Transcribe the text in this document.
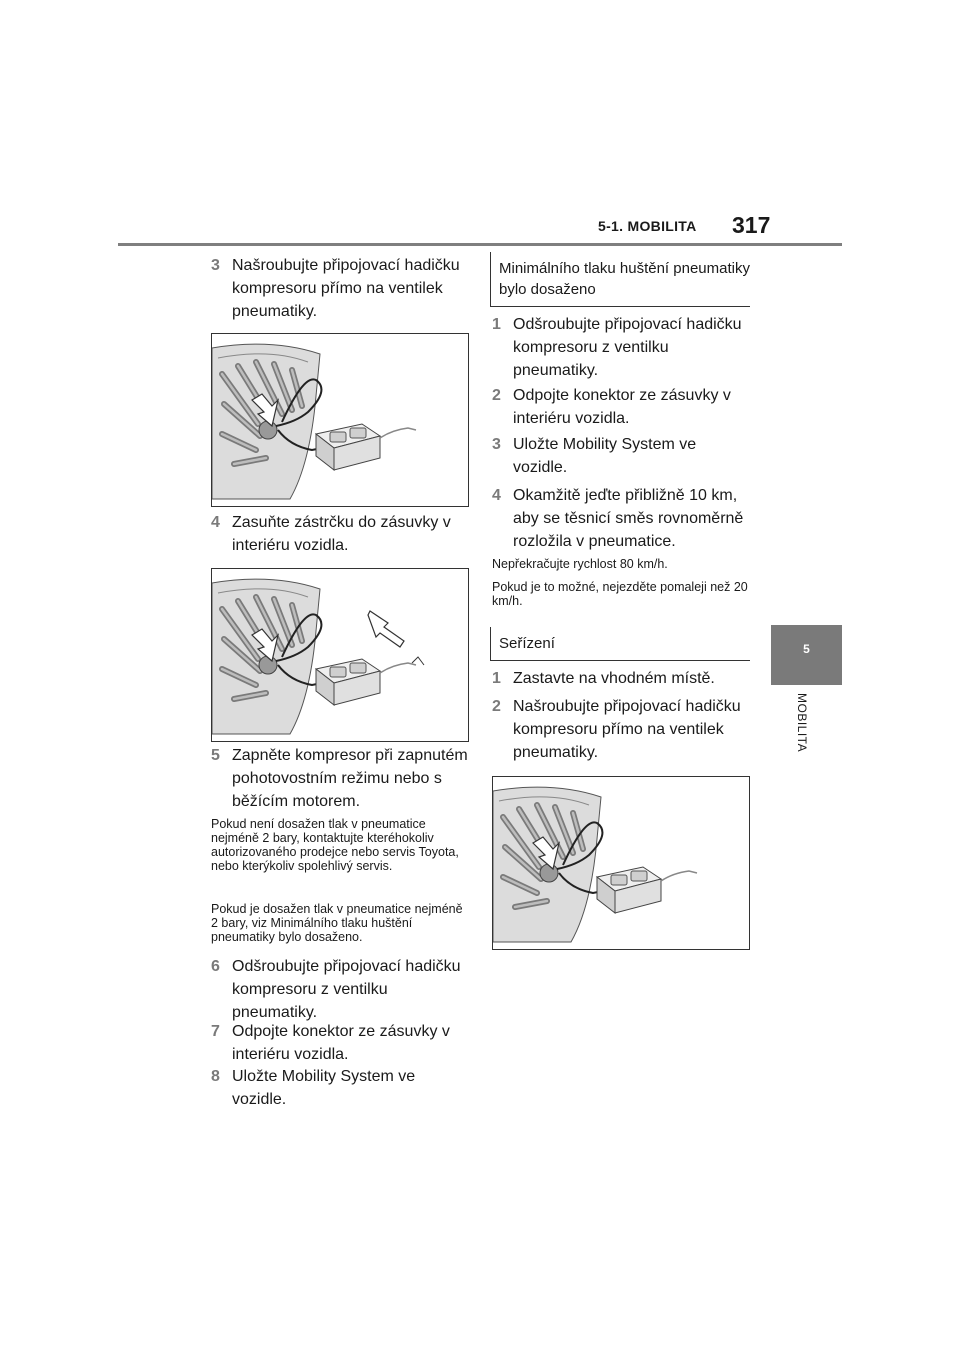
5-1. MOBILITA 317
5
MOBILITA
3 Našroubujte připojovací hadičku kompresoru přímo na ventilek pneumatiky.
4 Zasuňte zástrčku do zásuvky v interiéru vozidla.
5 Zapněte kompresor při zapnutém pohotovostním režimu nebo s běžícím motorem.
Pokud není dosažen tlak v pneumatice nejméně 2 bary, kontaktujte kteréhokoliv autorizovaného prodejce nebo servis Toyota, nebo kterýkoliv spolehlivý servis.
Pokud je dosažen tlak v pneumatice nejméně 2 bary, viz Minimálního tlaku huštění pneumatiky bylo dosaženo.
6 Odšroubujte připojovací hadičku kompresoru z ventilku pneumatiky.
7 Odpojte konektor ze zásuvky v interiéru vozidla.
8 Uložte Mobility System ve vozidle.
Minimálního tlaku huštění pneumatiky bylo dosaženo
1 Odšroubujte připojovací hadičku kompresoru z ventilku pneumatiky.
2 Odpojte konektor ze zásuvky v interiéru vozidla.
3 Uložte Mobility System ve vozidle.
4 Okamžitě jeďte přibližně 10 km, aby se těsnicí směs rovnoměrně rozložila v pneumatice.
Nepřekračujte rychlost 80 km/h.
Pokud je to možné, nejezděte pomaleji než 20 km/h.
Seřízení
1 Zastavte na vhodném místě.
2 Našroubujte připojovací hadičku kompresoru přímo na ventilek pneumatiky.
